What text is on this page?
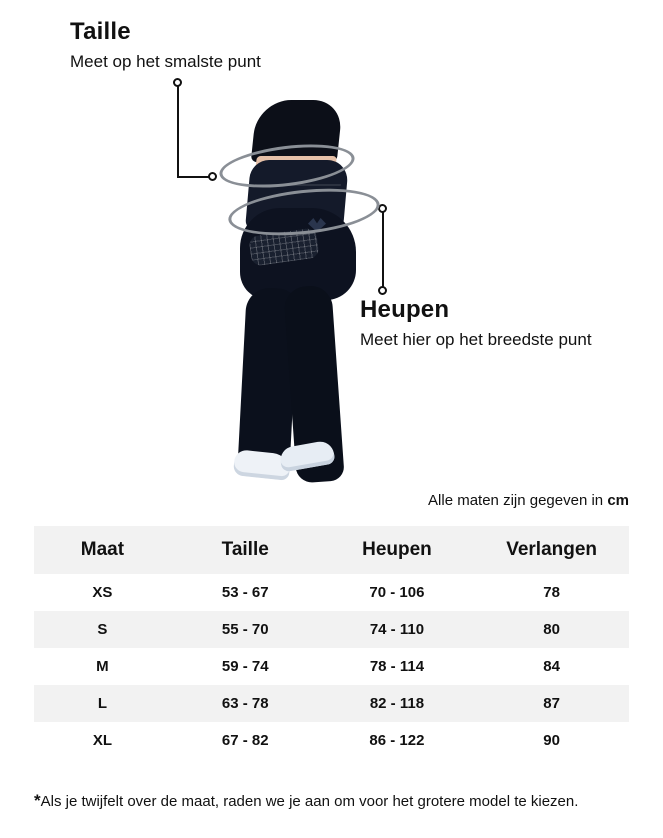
Taille
Meet op het smalste punt
Heupen
Meet hier op het breedste punt
Alle maten zijn gegeven in cm
Maat	Taille	Heupen	Verlangen
XS	53 - 67	70 - 106	78
S	55 - 70	74 - 110	80
M	59 - 74	78 - 114	84
L	63 - 78	82 - 118	87
XL	67 - 82	86 - 122	90
*Als je twijfelt over de maat, raden we je aan om voor het grotere model te kiezen.
